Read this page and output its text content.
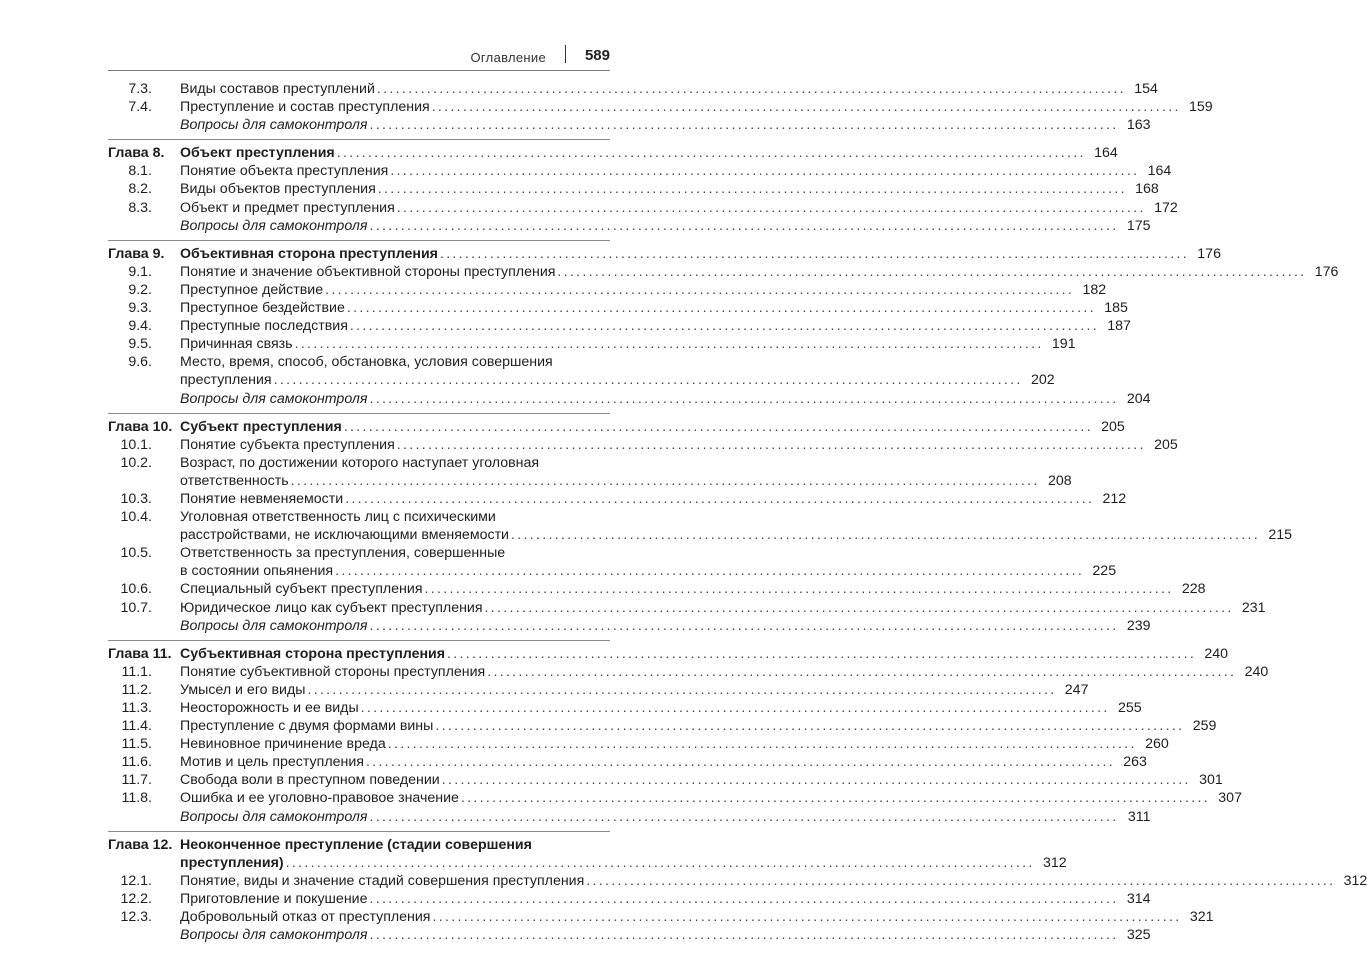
Оглавление	589
7.3. Виды составов преступлений ........................................................................................................................ 154
7.4. Преступление и состав преступления ........................................................................................................................ 159
Вопросы для самоконтроля ........................................................................................................................ 163
Глава 8.	Объект преступления ........................................................................................................................ 164
8.1. Понятие объекта преступления ........................................................................................................................ 164
8.2. Виды объектов преступления ........................................................................................................................ 168
8.3. Объект и предмет преступления ........................................................................................................................ 172
Вопросы для самоконтроля ........................................................................................................................ 175
Глава 9.	Объективная сторона преступления ........................................................................................................................ 176
9.1. Понятие и значение объективной стороны преступления ........................................................................................................................ 176
9.2. Преступное действие ........................................................................................................................ 182
9.3. Преступное бездействие ........................................................................................................................ 185
9.4. Преступные последствия ........................................................................................................................ 187
9.5. Причинная связь ........................................................................................................................ 191
9.6. Место, время, способ, обстановка, условия совершения
преступления ........................................................................................................................ 202
Вопросы для самоконтроля ........................................................................................................................ 204
Глава 10. Субъект преступления ........................................................................................................................ 205
10.1. Понятие субъекта преступления ........................................................................................................................ 205
10.2. Возраст, по достижении которого наступает уголовная
ответственность ........................................................................................................................ 208
10.3. Понятие невменяемости ........................................................................................................................ 212
10.4. Уголовная ответственность лиц с психическими
расстройствами, не исключающими вменяемости ........................................................................................................................ 215
10.5. Ответственность за преступления, совершенные
в состоянии опьянения ........................................................................................................................ 225
10.6. Специальный субъект преступления ........................................................................................................................ 228
10.7. Юридическое лицо как субъект преступления ........................................................................................................................ 231
Вопросы для самоконтроля ........................................................................................................................ 239
Глава 11. Субъективная сторона преступления ........................................................................................................................ 240
11.1. Понятие субъективной стороны преступления ........................................................................................................................ 240
11.2. Умысел и его виды ........................................................................................................................ 247
11.3. Неосторожность и ее виды ........................................................................................................................ 255
11.4. Преступление с двумя формами вины ........................................................................................................................ 259
11.5. Невиновное причинение вреда ........................................................................................................................ 260
11.6. Мотив и цель преступления ........................................................................................................................ 263
11.7. Свобода воли в преступном поведении ........................................................................................................................ 301
11.8. Ошибка и ее уголовно-правовое значение ........................................................................................................................ 307
Вопросы для самоконтроля ........................................................................................................................ 311
Глава 12. Неоконченное преступление (стадии совершения
преступления) ........................................................................................................................ 312
12.1. Понятие, виды и значение стадий совершения преступления ........................................................................................................................ 312
12.2. Приготовление и покушение ........................................................................................................................ 314
12.3. Добровольный отказ от преступления ........................................................................................................................ 321
Вопросы для самоконтроля ........................................................................................................................ 325
